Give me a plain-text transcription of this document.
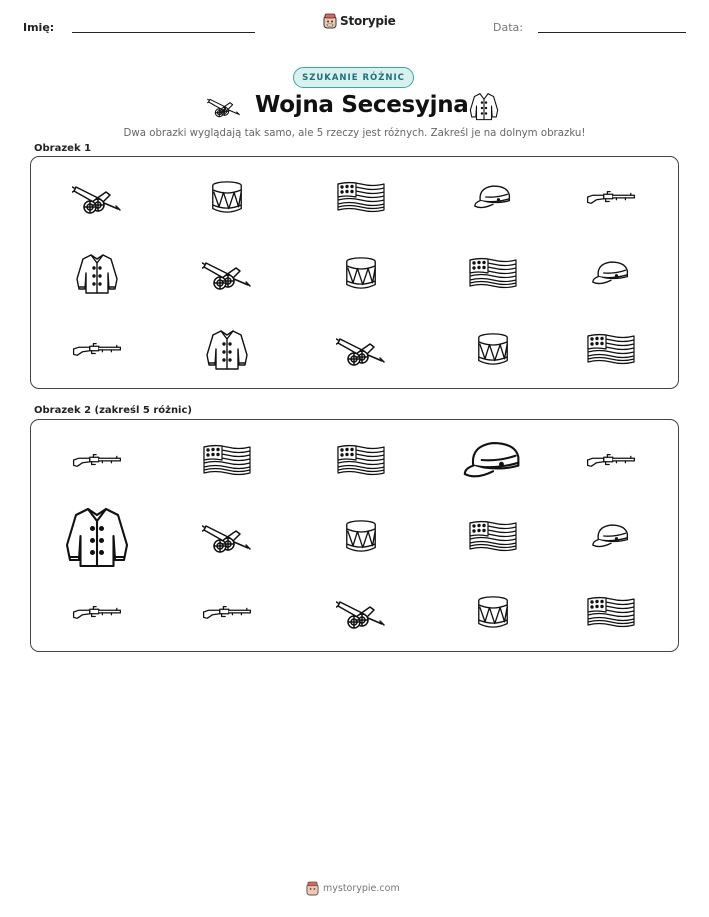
Imię:	Storypie	Data:
SZUKANIE RÓŻNIC
Wojna Secesyjna
Dwa obrazki wyglądają tak samo, ale 5 rzeczy jest różnych. Zakreśl je na dolnym obrazku!
Obrazek 1
Obrazek 2 (zakreśl 5 różnic)
mystorypie.com
